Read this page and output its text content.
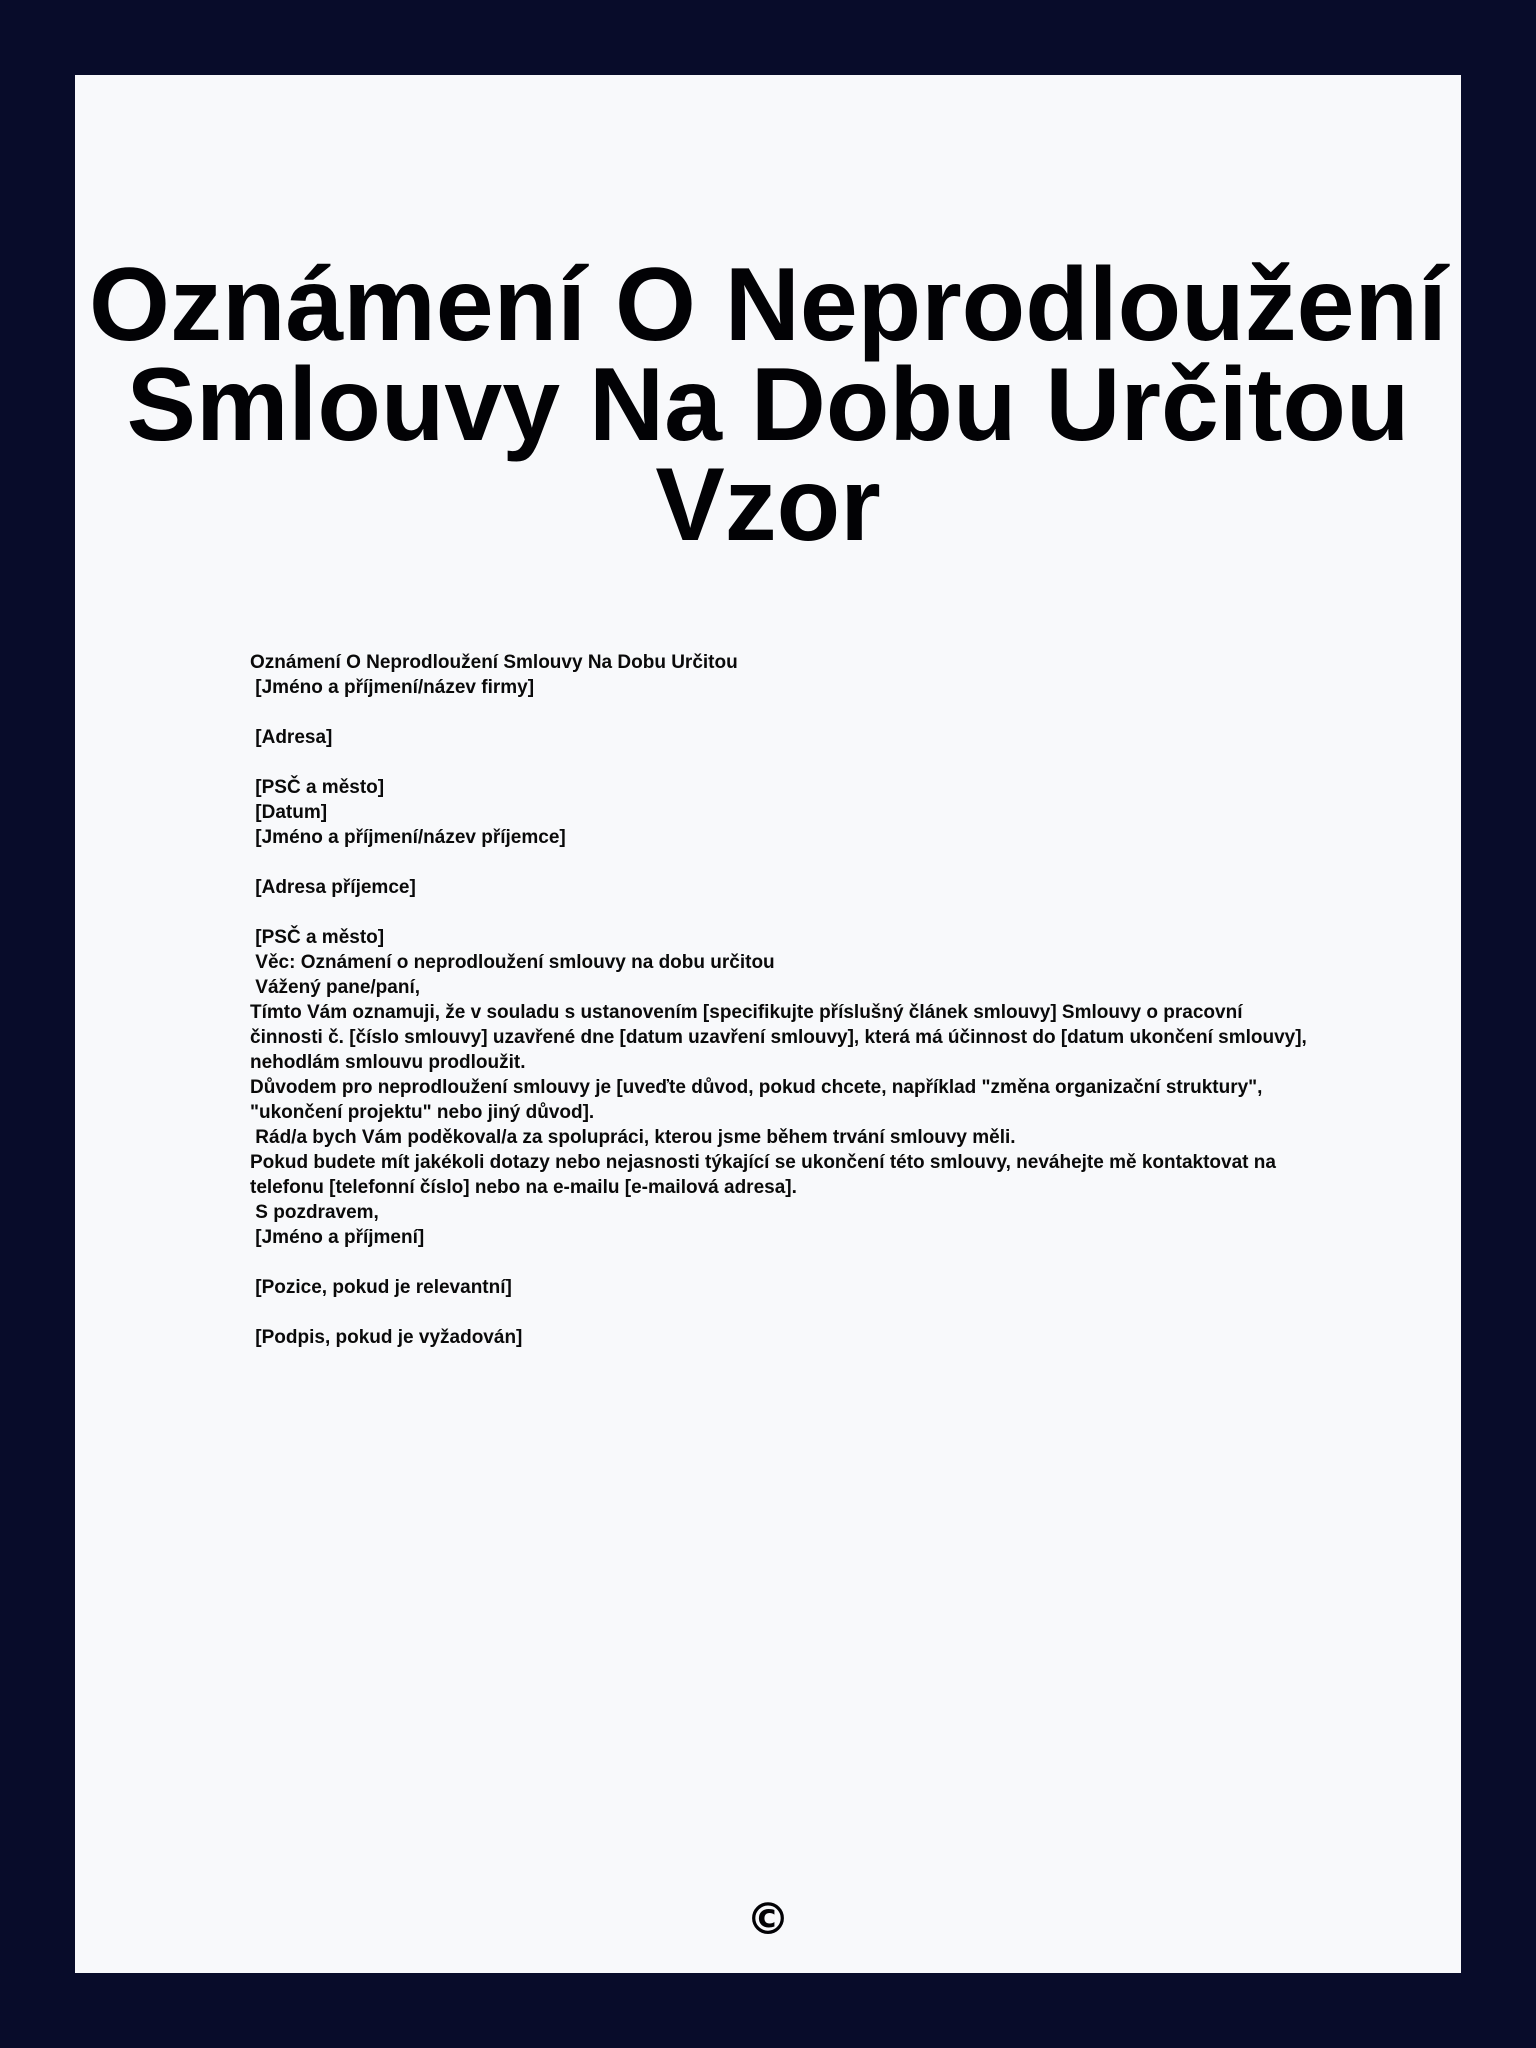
Oznámení O Neprodloužení
Smlouvy Na Dobu Určitou
Vzor
Oznámení O Neprodloužení Smlouvy Na Dobu Určitou
[Jméno a příjmení/název firmy]
[Adresa]
[PSČ a město]
[Datum]
[Jméno a příjmení/název příjemce]
[Adresa příjemce]
[PSČ a město]
Věc: Oznámení o neprodloužení smlouvy na dobu určitou
Vážený pane/paní,
Tímto Vám oznamuji, že v souladu s ustanovením [specifikujte příslušný článek smlouvy] Smlouvy o pracovní činnosti č. [číslo smlouvy] uzavřené dne [datum uzavření smlouvy], která má účinnost do [datum ukončení smlouvy], nehodlám smlouvu prodloužit.
Důvodem pro neprodloužení smlouvy je [uveďte důvod, pokud chcete, například "změna organizační struktury", "ukončení projektu" nebo jiný důvod].
Rád/a bych Vám poděkoval/a za spolupráci, kterou jsme během trvání smlouvy měli.
Pokud budete mít jakékoli dotazy nebo nejasnosti týkající se ukončení této smlouvy, neváhejte mě kontaktovat na telefonu [telefonní číslo] nebo na e-mailu [e-mailová adresa].
S pozdravem,
[Jméno a příjmení]
[Pozice, pokud je relevantní]
[Podpis, pokud je vyžadován]
©
